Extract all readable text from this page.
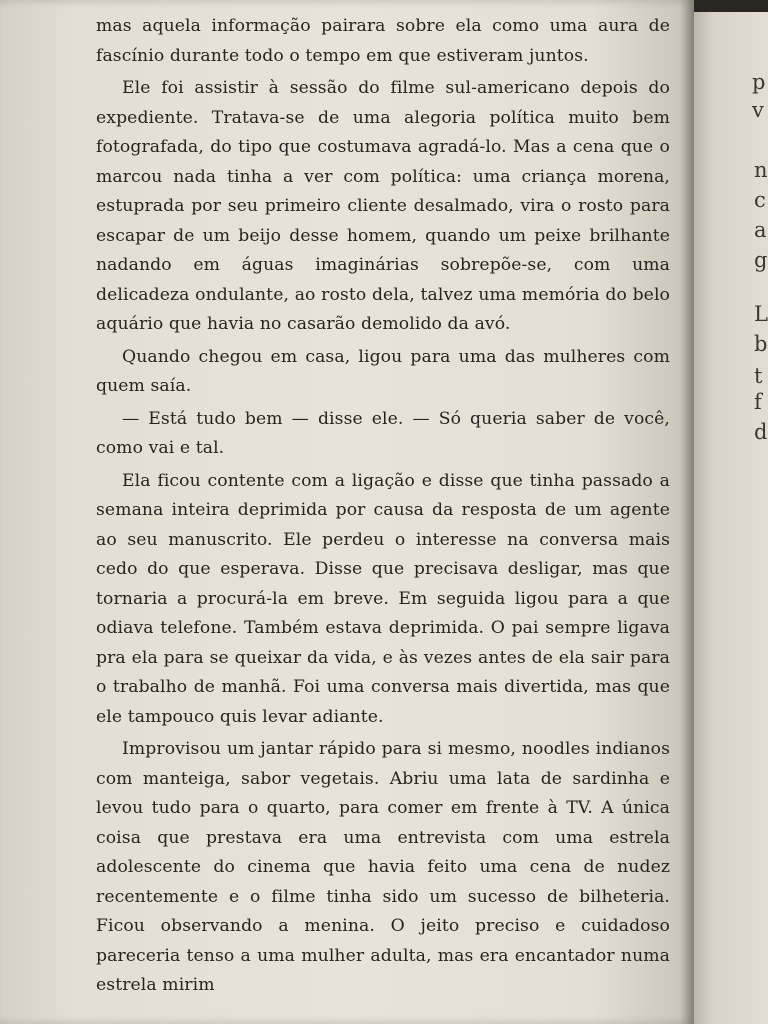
p
v
n
c
a
g
L
b
t
f
d

mas aquela informação pairara sobre ela como uma aura de fascínio durante todo o tempo em que estiveram juntos.

Ele foi assistir à sessão do filme sul-americano depois do expediente. Tratava-se de uma alegoria política muito bem fotografada, do tipo que costumava agradá-lo. Mas a cena que o marcou nada tinha a ver com política: uma criança morena, estuprada por seu primeiro cliente desalmado, vira o rosto para escapar de um beijo desse homem, quando um peixe brilhante nadando em águas imaginárias sobrepõe-se, com uma delicadeza ondulante, ao rosto dela, talvez uma memória do belo aquário que havia no casarão demolido da avó.

Quando chegou em casa, ligou para uma das mulheres com quem saía.

— Está tudo bem — disse ele. — Só queria saber de você, como vai e tal.

Ela ficou contente com a ligação e disse que tinha passado a semana inteira deprimida por causa da resposta de um agente ao seu manuscrito. Ele perdeu o interesse na conversa mais cedo do que esperava. Disse que precisava desligar, mas que tornaria a procurá-la em breve. Em seguida ligou para a que odiava telefone. Também estava deprimida. O pai sempre ligava pra ela para se queixar da vida, e às vezes antes de ela sair para o trabalho de manhã. Foi uma conversa mais divertida, mas que ele tampouco quis levar adiante.

Improvisou um jantar rápido para si mesmo, noodles indianos com manteiga, sabor vegetais. Abriu uma lata de sardinha e levou tudo para o quarto, para comer em frente à TV. A única coisa que prestava era uma entrevista com uma estrela adolescente do cinema que havia feito uma cena de nudez recentemente e o filme tinha sido um sucesso de bilheteria. Ficou observando a menina. O jeito preciso e cuidadoso pareceria tenso a uma mulher adulta, mas era encantador numa estrela mirim
